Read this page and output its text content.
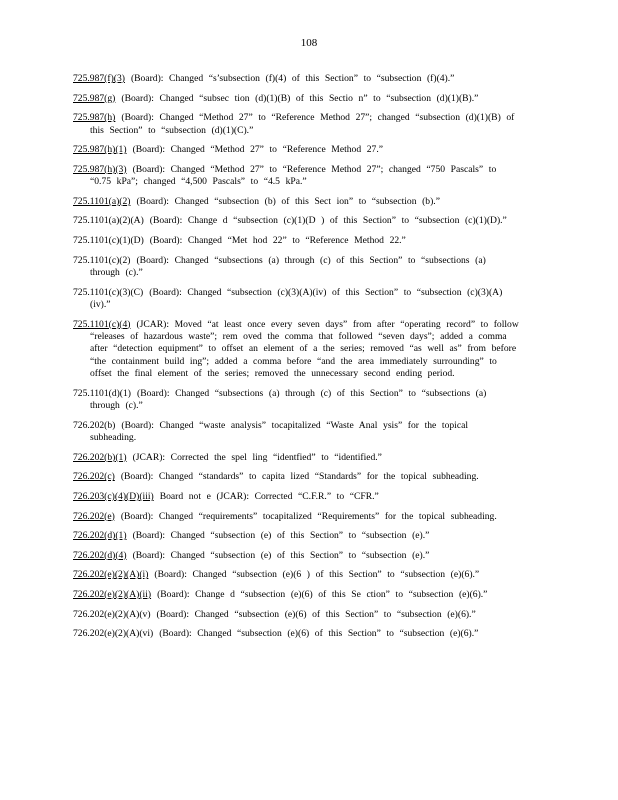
108

725.987(f)(3) (Board): Changed “s’subsection (f)(4) of this Section” to “subsection (f)(4).”

725.987(g) (Board): Changed “subsec tion (d)(1)(B) of this Sectio n” to “subsection (d)(1)(B).”

725.987(h) (Board): Changed “Method 27” to “Reference Method 27”; changed “subsection (d)(1)(B) of this Section” to “subsection (d)(1)(C).”

725.987(h)(1) (Board): Changed “Method 27” to “Reference Method 27.”

725.987(h)(3) (Board): Changed “Method 27” to “Reference Method 27”; changed “750 Pascals” to “0.75 kPa”; changed “4,500 Pascals” to “4.5 kPa.”

725.1101(a)(2) (Board): Changed “subsection (b) of this Sect ion” to “subsection (b).”

725.1101(a)(2)(A) (Board): Change d “subsection (c)(1)(D ) of this Section” to “subsection (c)(1)(D).”

725.1101(c)(1)(D) (Board): Changed “Met hod 22” to “Reference Method 22.”

725.1101(c)(2) (Board): Changed “subsections (a) through (c) of this Section” to “subsections (a) through (c).”

725.1101(c)(3)(C) (Board): Changed “subsection (c)(3)(A)(iv) of this Section” to “subsection (c)(3)(A)(iv).”

725.1101(c)(4) (JCAR): Moved “at least once every seven days” from after “operating record” to follow “releases of hazardous waste”; rem oved the comma that followed “seven days”; added a comma after “detection equipment” to offset an element of a the series; removed “as well as” from before “the containment build ing”; added a comma before “and the area immediately surrounding” to offset the final element of the series; removed the unnecessary second ending period.

725.1101(d)(1) (Board): Changed “subsections (a) through (c) of this Section” to “subsections (a) through (c).”

726.202(b) (Board): Changed “waste analysis” tocapitalized “Waste Anal ysis” for the topical subheading.

726.202(b)(1) (JCAR): Corrected the spel ling “identfied” to “identified.”

726.202(c) (Board): Changed “standards” to capita lized “Standards” for the topical subheading.

726.203(c)(4)(D)(iii) Board not e (JCAR): Corrected “C.F.R.” to “CFR.”

726.202(e) (Board): Changed “requirements” tocapitalized “Requirements” for the topical subheading.

726.202(d)(1) (Board): Changed “subsection (e) of this Section” to “subsection (e).”

726.202(d)(4) (Board): Changed “subsection (e) of this Section” to “subsection (e).”

726.202(e)(2)(A)(i) (Board): Changed “subsection (e)(6 ) of this Section” to “subsection (e)(6).”

726.202(e)(2)(A)(ii) (Board): Change d “subsection (e)(6) of this Se ction” to “subsection (e)(6).”

726.202(e)(2)(A)(v) (Board): Changed “subsection (e)(6) of this Section” to “subsection (e)(6).”

726.202(e)(2)(A)(vi) (Board): Changed “subsection (e)(6) of this Section” to “subsection (e)(6).”
